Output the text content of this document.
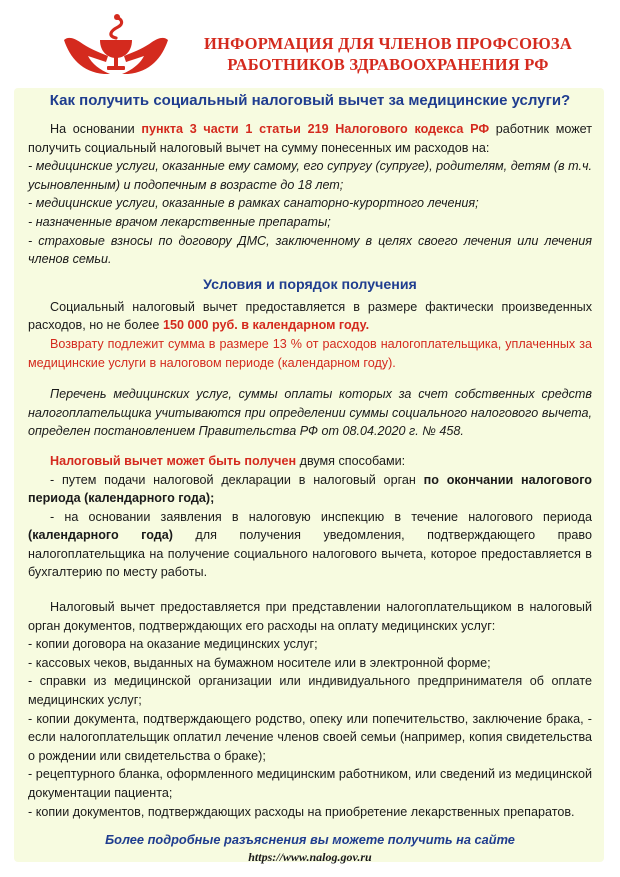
ИНФОРМАЦИЯ ДЛЯ ЧЛЕНОВ ПРОФСОЮЗА
РАБОТНИКОВ ЗДРАВООХРАНЕНИЯ РФ
Как получить социальный налоговый вычет за медицинские услуги?

На основании пункта 3 части 1 статьи 219 Налогового кодекса РФ работник может получить социальный налоговый вычет на сумму понесенных им расходов на:

- медицинские услуги, оказанные ему самому, его супругу (супруге), родителям, детям (в т.ч. усыновленным) и подопечным в возрасте до 18 лет;

- медицинские услуги, оказанные в рамках санаторно-курортного лечения;

- назначенные врачом лекарственные препараты;

- страховые взносы по договору ДМС, заключенному в целях своего лечения или лечения членов семьи.

Условия и порядок получения

Социальный налоговый вычет предоставляется в размере фактически произведенных расходов, но не более 150 000 руб. в календарном году.

Возврату подлежит сумма в размере 13 % от расходов налогоплательщика, уплаченных за медицинские услуги в налоговом периоде (календарном году).

Перечень медицинских услуг, суммы оплаты которых за счет собственных средств налогоплательщика учитываются при определении суммы социального налогового вычета, определен постановлением Правительства РФ от 08.04.2020 г. № 458.

Налоговый вычет может быть получен двумя способами:

- путем подачи налоговой декларации в налоговый орган по окончании налогового периода (календарного года);

- на основании заявления в налоговую инспекцию в течение налогового периода (календарного года) для получения уведомления, подтверждающего право налогоплательщика на получение социального налогового вычета, которое предоставляется в бухгалтерию по месту работы.

Налоговый вычет предоставляется при представлении налогоплательщиком в налоговый орган документов, подтверждающих его расходы на оплату медицинских услуг:

- копии договора на оказание медицинских услуг;

- кассовых чеков, выданных на бумажном носителе или в электронной форме;

- справки из медицинской организации или индивидуального предпринимателя об оплате медицинских услуг;

- копии документа, подтверждающего родство, опеку или попечительство, заключение брака, - если налогоплательщик оплатил лечение членов своей семьи (например, копия свидетельства о рождении или свидетельства о браке);

- рецептурного бланка, оформленного медицинским работником, или сведений из медицинской документации пациента;

- копии документов, подтверждающих расходы на приобретение лекарственных препаратов.

Более подробные разъяснения вы можете получить на сайте
https://www.nalog.gov.ru
